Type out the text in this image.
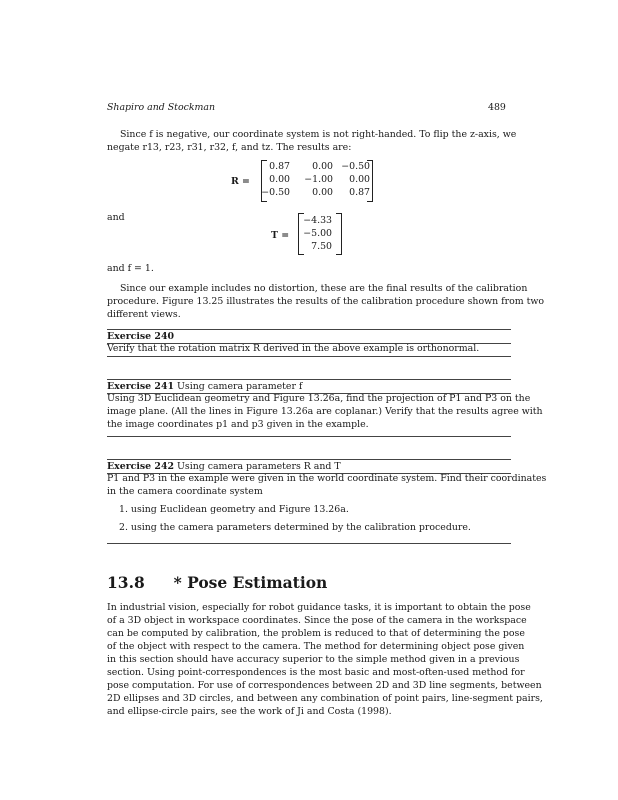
Shapiro and Stockman	489
Since f is negative, our coordinate system is not right-handed. To flip the z-axis, we
negate r13, r23, r31, r32, f, and tz. The results are:
R =
0.87 0.00 −0.50
0.00 −1.00 0.00
−0.50 0.00 0.87
and
T =
−4.33
−5.00
7.50
and f = 1.
Since our example includes no distortion, these are the final results of the calibration
procedure. Figure 13.25 illustrates the results of the calibration procedure shown from two
different views.
Exercise 240
Verify that the rotation matrix R derived in the above example is orthonormal.
Exercise 241 Using camera parameter f
Using 3D Euclidean geometry and Figure 13.26a, find the projection of P1 and P3 on the
image plane. (All the lines in Figure 13.26a are coplanar.) Verify that the results agree with
the image coordinates p1 and p3 given in the example.
Exercise 242 Using camera parameters R and T
P1 and P3 in the example were given in the world coordinate system. Find their coordinates
in the camera coordinate system
1. using Euclidean geometry and Figure 13.26a.
2. using the camera parameters determined by the calibration procedure.
13.8 * Pose Estimation
In industrial vision, especially for robot guidance tasks, it is important to obtain the pose
of a 3D object in workspace coordinates. Since the pose of the camera in the workspace
can be computed by calibration, the problem is reduced to that of determining the pose
of the object with respect to the camera. The method for determining object pose given
in this section should have accuracy superior to the simple method given in a previous
section. Using point-correspondences is the most basic and most-often-used method for
pose computation. For use of correspondences between 2D and 3D line segments, between
2D ellipses and 3D circles, and between any combination of point pairs, line-segment pairs,
and ellipse-circle pairs, see the work of Ji and Costa (1998).
